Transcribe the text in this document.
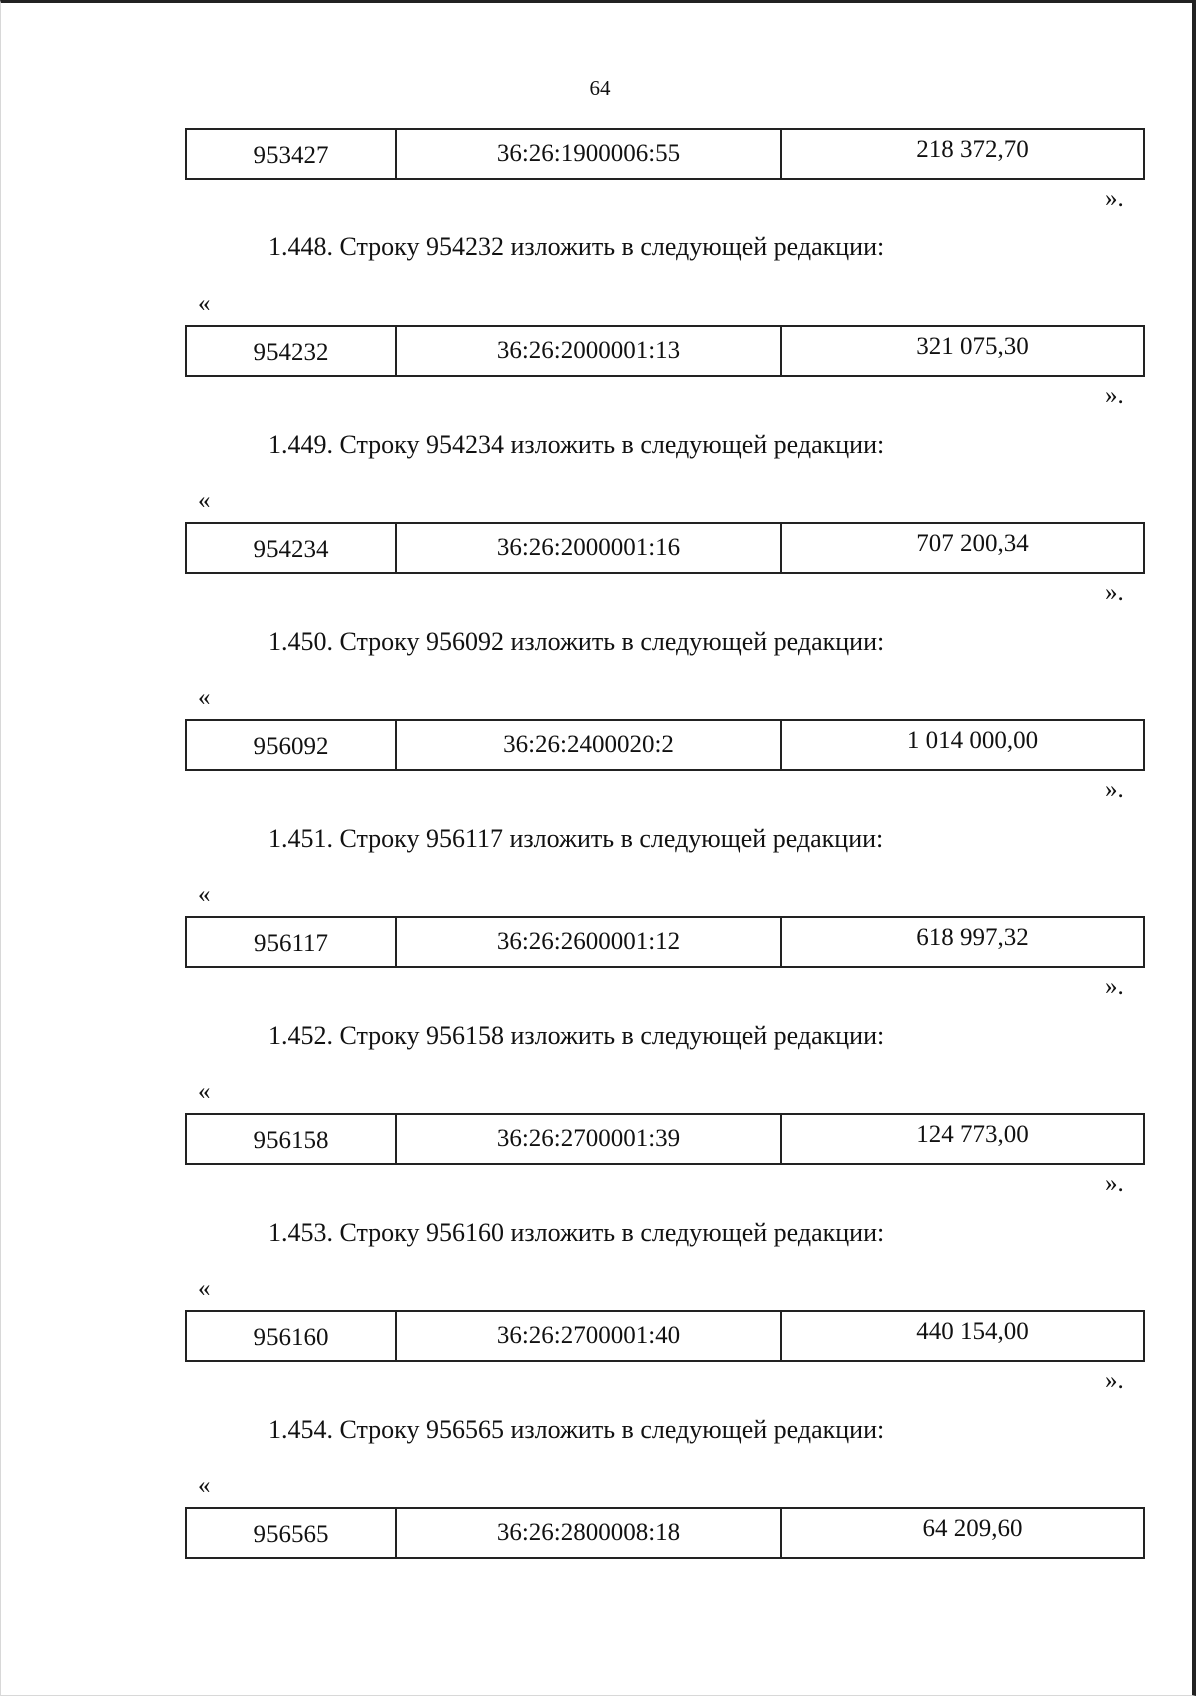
64
953427	36:26:1900006:55	218 372,70
».
1.448. Строку 954232 изложить в следующей редакции:
«
954232	36:26:2000001:13	321 075,30
».
1.449. Строку 954234 изложить в следующей редакции:
«
954234	36:26:2000001:16	707 200,34
».
1.450. Строку 956092 изложить в следующей редакции:
«
956092	36:26:2400020:2	1 014 000,00
».
1.451. Строку 956117 изложить в следующей редакции:
«
956117	36:26:2600001:12	618 997,32
».
1.452. Строку 956158 изложить в следующей редакции:
«
956158	36:26:2700001:39	124 773,00
».
1.453. Строку 956160 изложить в следующей редакции:
«
956160	36:26:2700001:40	440 154,00
».
1.454. Строку 956565 изложить в следующей редакции:
«
956565	36:26:2800008:18	64 209,60
